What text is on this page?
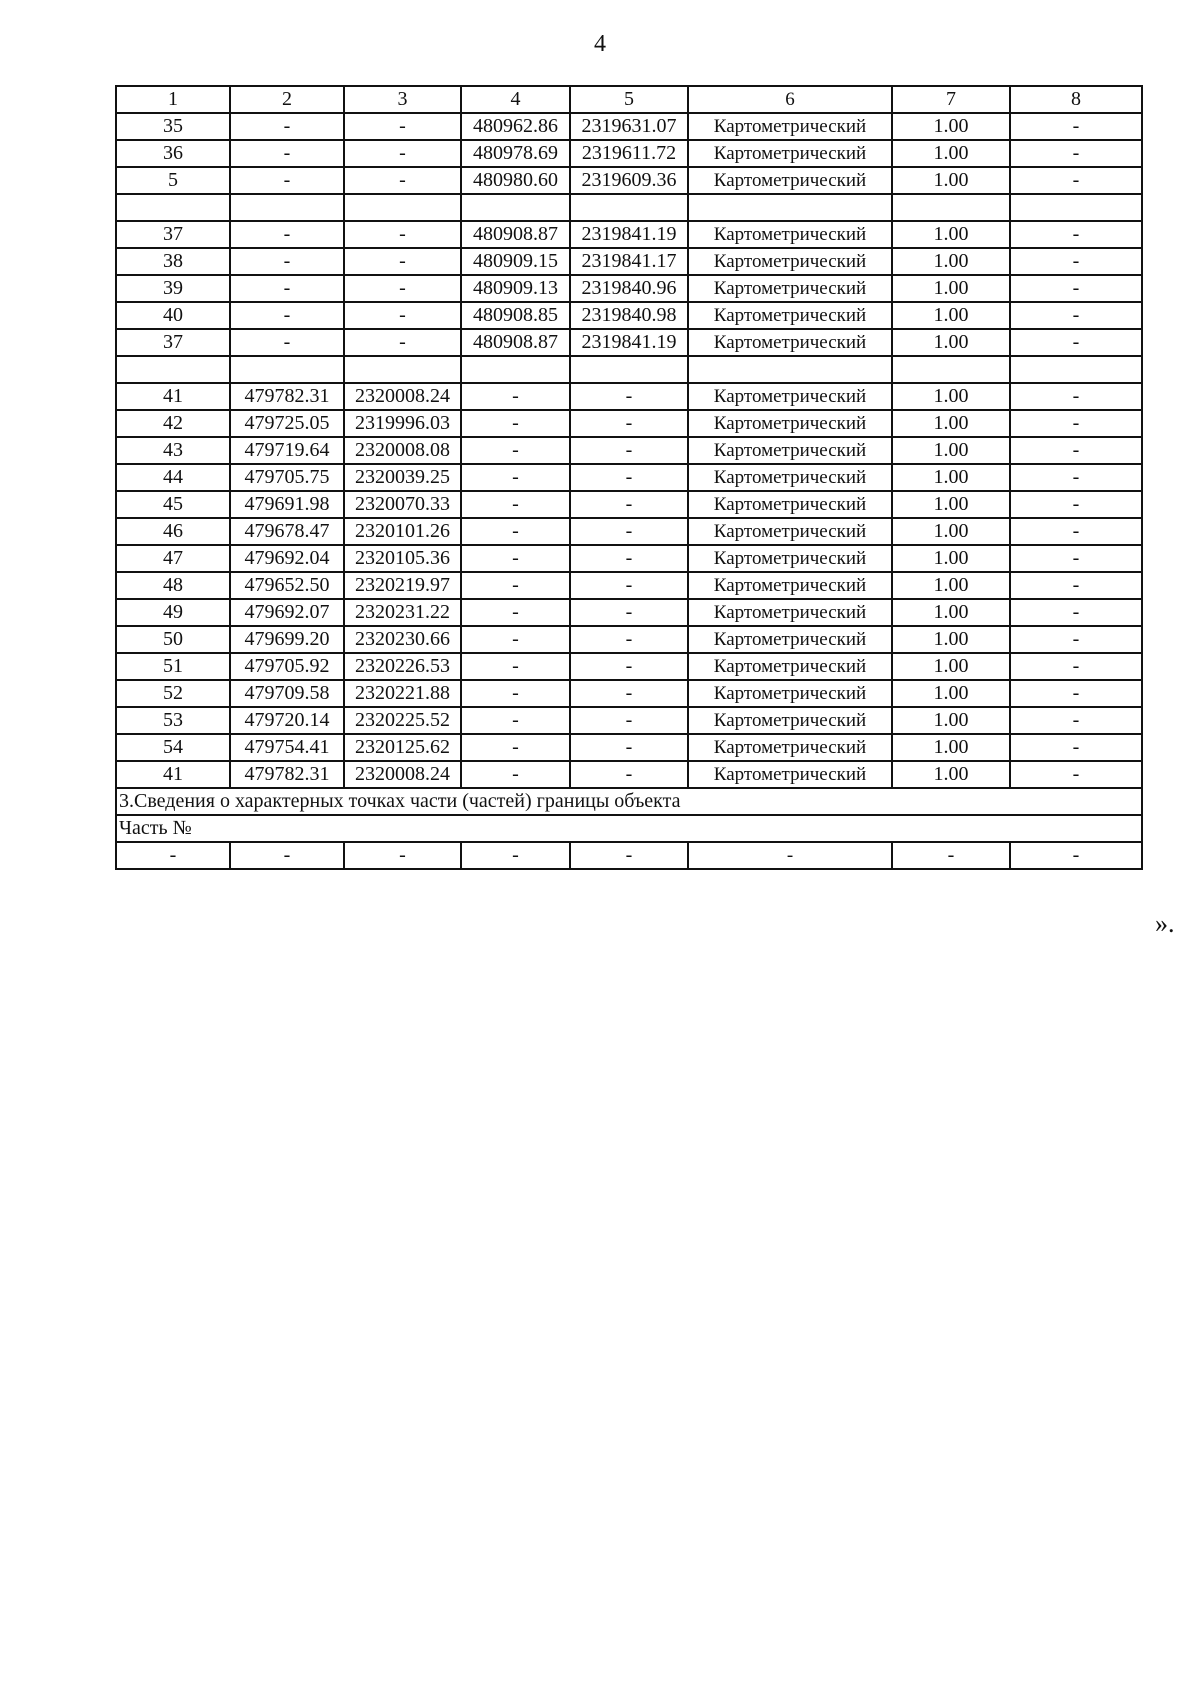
4
1	2	3	4	5	6	7	8
35	-	-	480962.86	2319631.07	Картометрический	1.00	-
36	-	-	480978.69	2319611.72	Картометрический	1.00	-
5	-	-	480980.60	2319609.36	Картометрический	1.00	-

37	-	-	480908.87	2319841.19	Картометрический	1.00	-
38	-	-	480909.15	2319841.17	Картометрический	1.00	-
39	-	-	480909.13	2319840.96	Картометрический	1.00	-
40	-	-	480908.85	2319840.98	Картометрический	1.00	-
37	-	-	480908.87	2319841.19	Картометрический	1.00	-

41	479782.31	2320008.24	-	-	Картометрический	1.00	-
42	479725.05	2319996.03	-	-	Картометрический	1.00	-
43	479719.64	2320008.08	-	-	Картометрический	1.00	-
44	479705.75	2320039.25	-	-	Картометрический	1.00	-
45	479691.98	2320070.33	-	-	Картометрический	1.00	-
46	479678.47	2320101.26	-	-	Картометрический	1.00	-
47	479692.04	2320105.36	-	-	Картометрический	1.00	-
48	479652.50	2320219.97	-	-	Картометрический	1.00	-
49	479692.07	2320231.22	-	-	Картометрический	1.00	-
50	479699.20	2320230.66	-	-	Картометрический	1.00	-
51	479705.92	2320226.53	-	-	Картометрический	1.00	-
52	479709.58	2320221.88	-	-	Картометрический	1.00	-
53	479720.14	2320225.52	-	-	Картометрический	1.00	-
54	479754.41	2320125.62	-	-	Картометрический	1.00	-
41	479782.31	2320008.24	-	-	Картометрический	1.00	-
3.Сведения о характерных точках части (частей) границы объекта							
Часть №							
-	-	-	-	-	-	-	-
».
